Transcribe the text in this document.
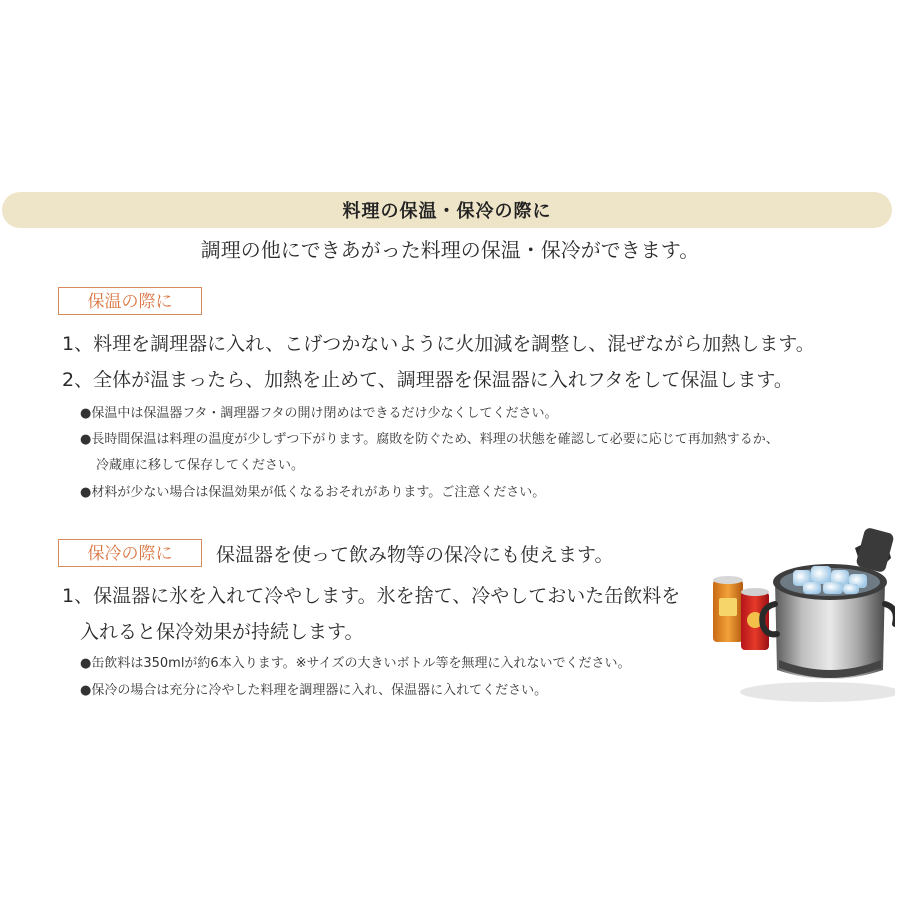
料理の保温・保冷の際に
調理の他にできあがった料理の保温・保冷ができます。
保温の際に
1、料理を調理器に入れ、こげつかないように火加減を調整し、混ぜながら加熱します。
2、全体が温まったら、加熱を止めて、調理器を保温器に入れフタをして保温します。
●保温中は保温器フタ・調理器フタの開け閉めはできるだけ少なくしてください。
●長時間保温は料理の温度が少しずつ下がります。腐敗を防ぐため、料理の状態を確認して必要に応じて再加熱するか、
冷蔵庫に移して保存してください。
●材料が少ない場合は保温効果が低くなるおそれがあります。ご注意ください。
保冷の際に	保温器を使って飲み物等の保冷にも使えます。
1、保温器に氷を入れて冷やします。氷を捨て、冷やしておいた缶飲料を
入れると保冷効果が持続します。
●缶飲料は350mlが約6本入ります。※サイズの大きいボトル等を無理に入れないでください。
●保冷の場合は充分に冷やした料理を調理器に入れ、保温器に入れてください。
